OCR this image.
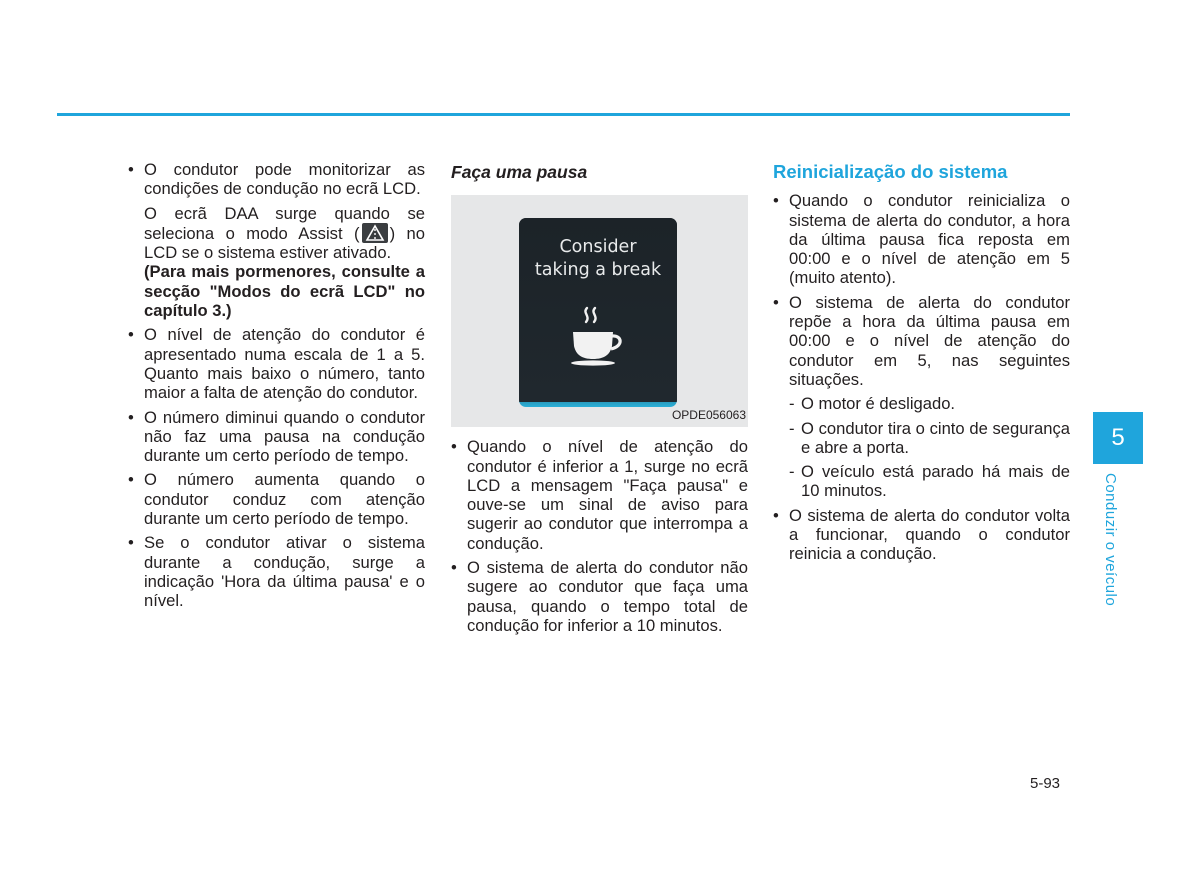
• O condutor pode monitorizar as condições de condução no ecrã LCD.

O ecrã DAA surge quando se seleciona o modo Assist ( ) no LCD se o sistema estiver ativado.
(Para mais pormenores, consulte a secção "Modos do ecrã LCD" no capítulo 3.)

• O nível de atenção do condutor é apresentado numa escala de 1 a 5. Quanto mais baixo o número, tanto maior a falta de atenção do condutor.

• O número diminui quando o condutor não faz uma pausa na condução durante um certo período de tempo.

• O número aumenta quando o condutor conduz com atenção durante um certo período de tempo.

• Se o condutor ativar o sistema durante a condução, surge a indicação 'Hora da última pausa' e o nível.

Faça uma pausa

Consider
taking a break
OPDE056063

• Quando o nível de atenção do condutor é inferior a 1, surge no ecrã LCD a mensagem "Faça pausa" e ouve-se um sinal de aviso para sugerir ao condutor que interrompa a condução.

• O sistema de alerta do condutor não sugere ao condutor que faça uma pausa, quando o tempo total de condução for inferior a 10 minutos.

Reinicialização do sistema

• Quando o condutor reinicializa o sistema de alerta do condutor, a hora da última pausa fica reposta em 00:00 e o nível de atenção em 5 (muito atento).

• O sistema de alerta do condutor repõe a hora da última pausa em 00:00 e o nível de atenção do condutor em 5, nas seguintes situações.

- O motor é desligado.

- O condutor tira o cinto de segurança e abre a porta.

- O veículo está parado há mais de 10 minutos.

• O sistema de alerta do condutor volta a funcionar, quando o condutor reinicia a condução.

5
Conduzir o veículo
5-93
